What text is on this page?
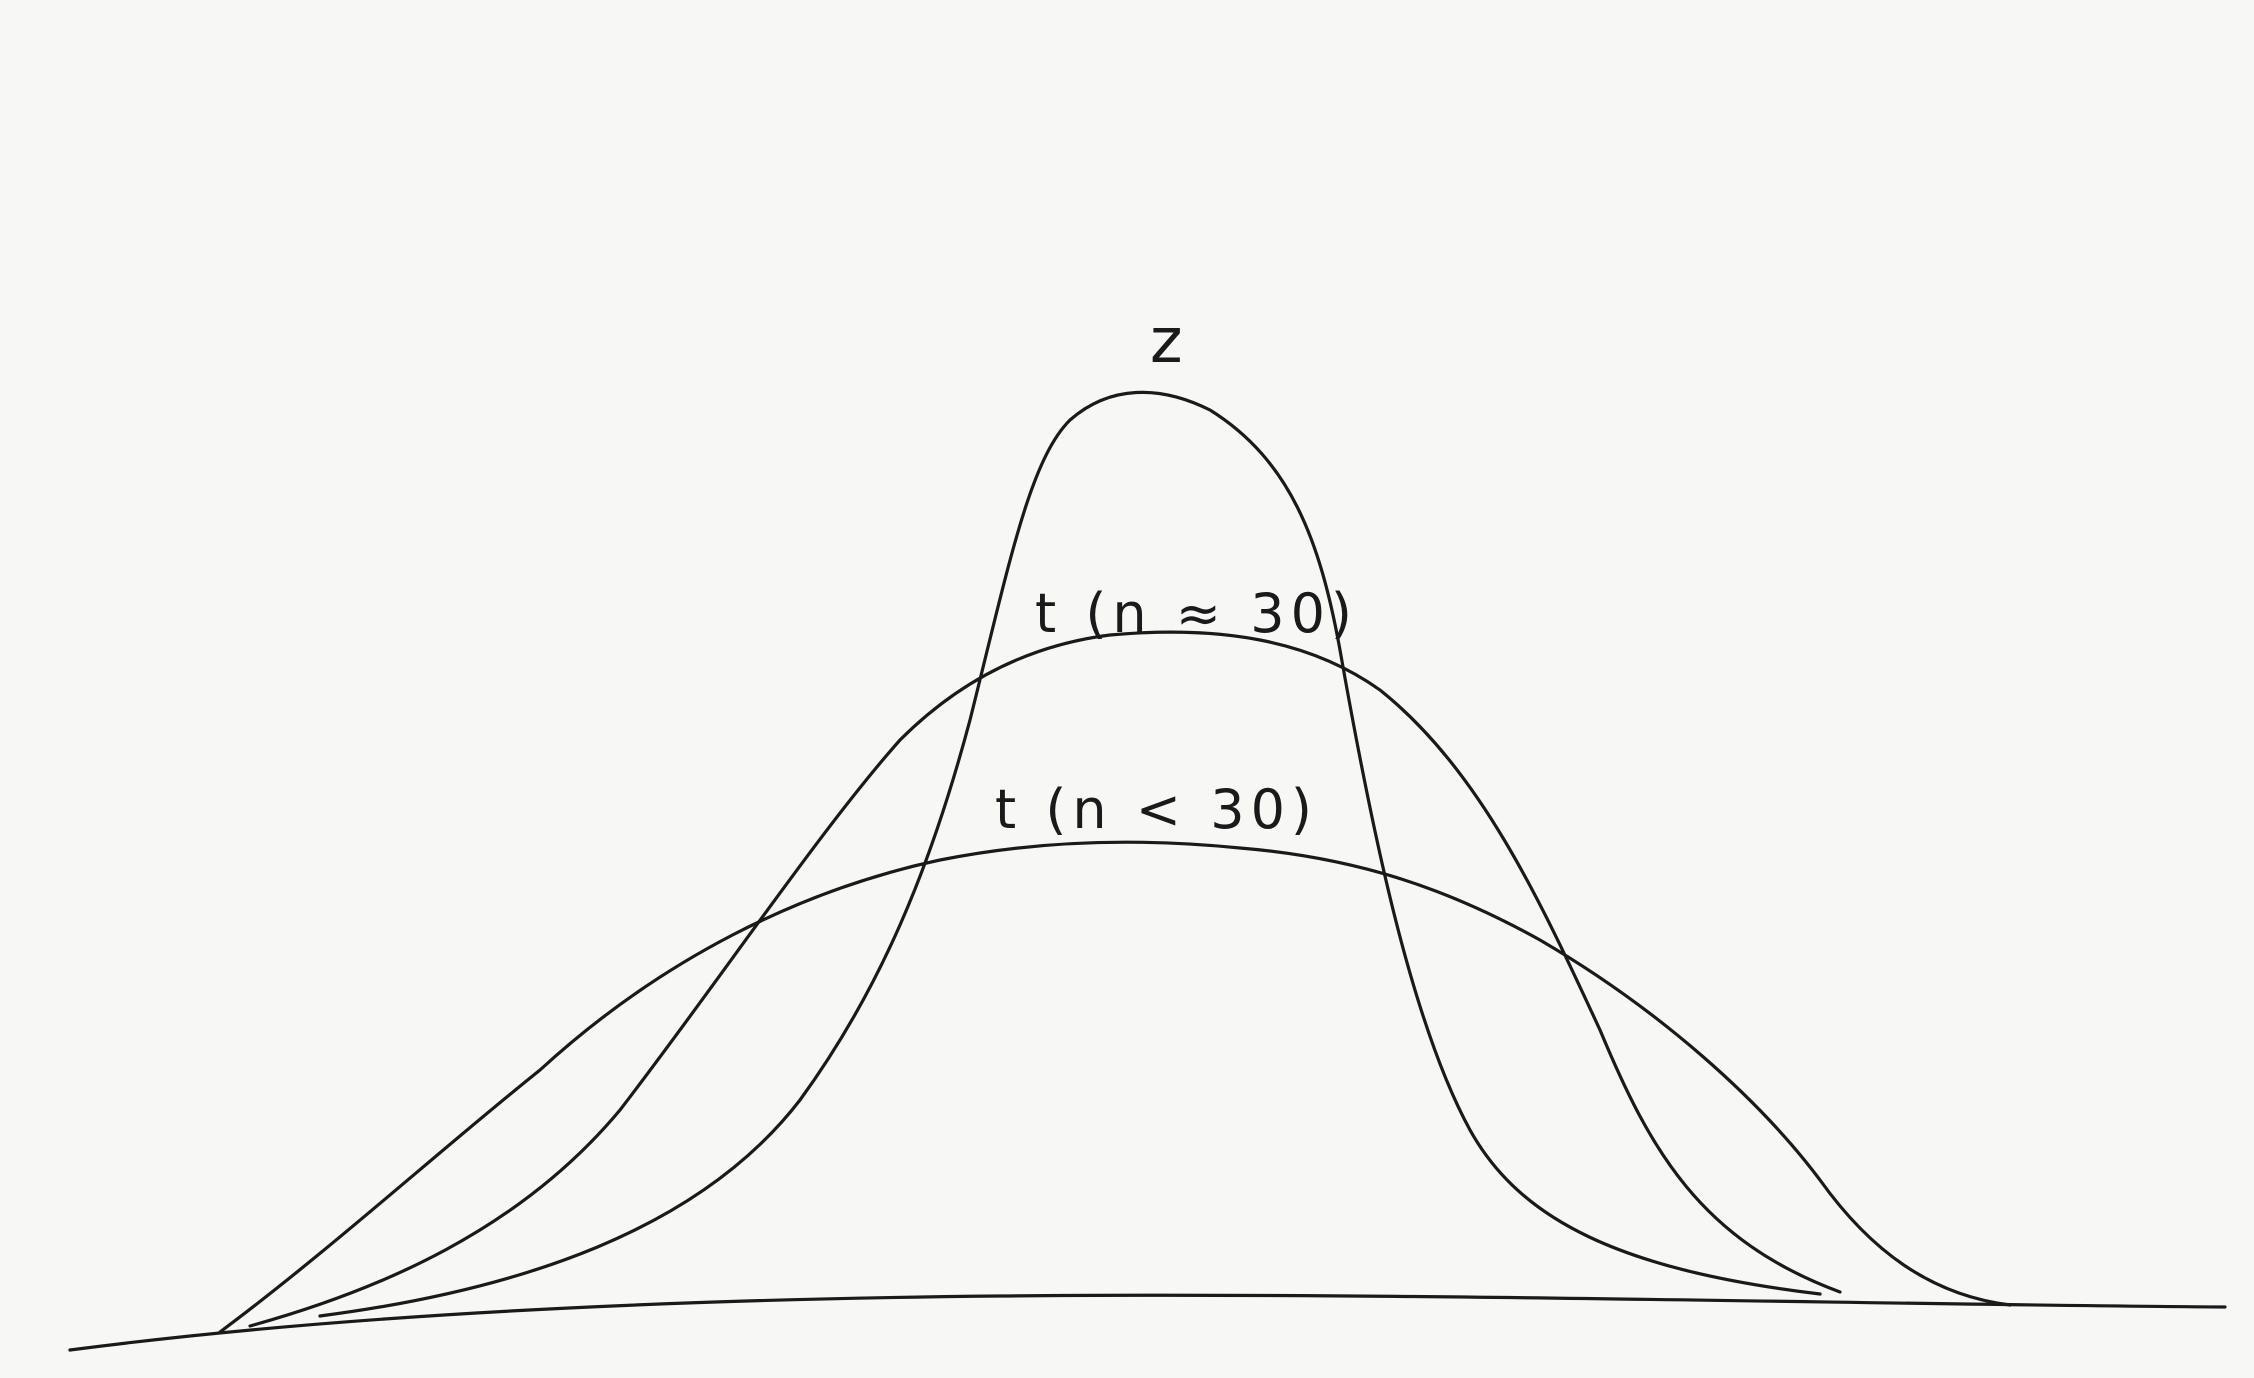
z
t (n ≈ 30)
t (n < 30)
